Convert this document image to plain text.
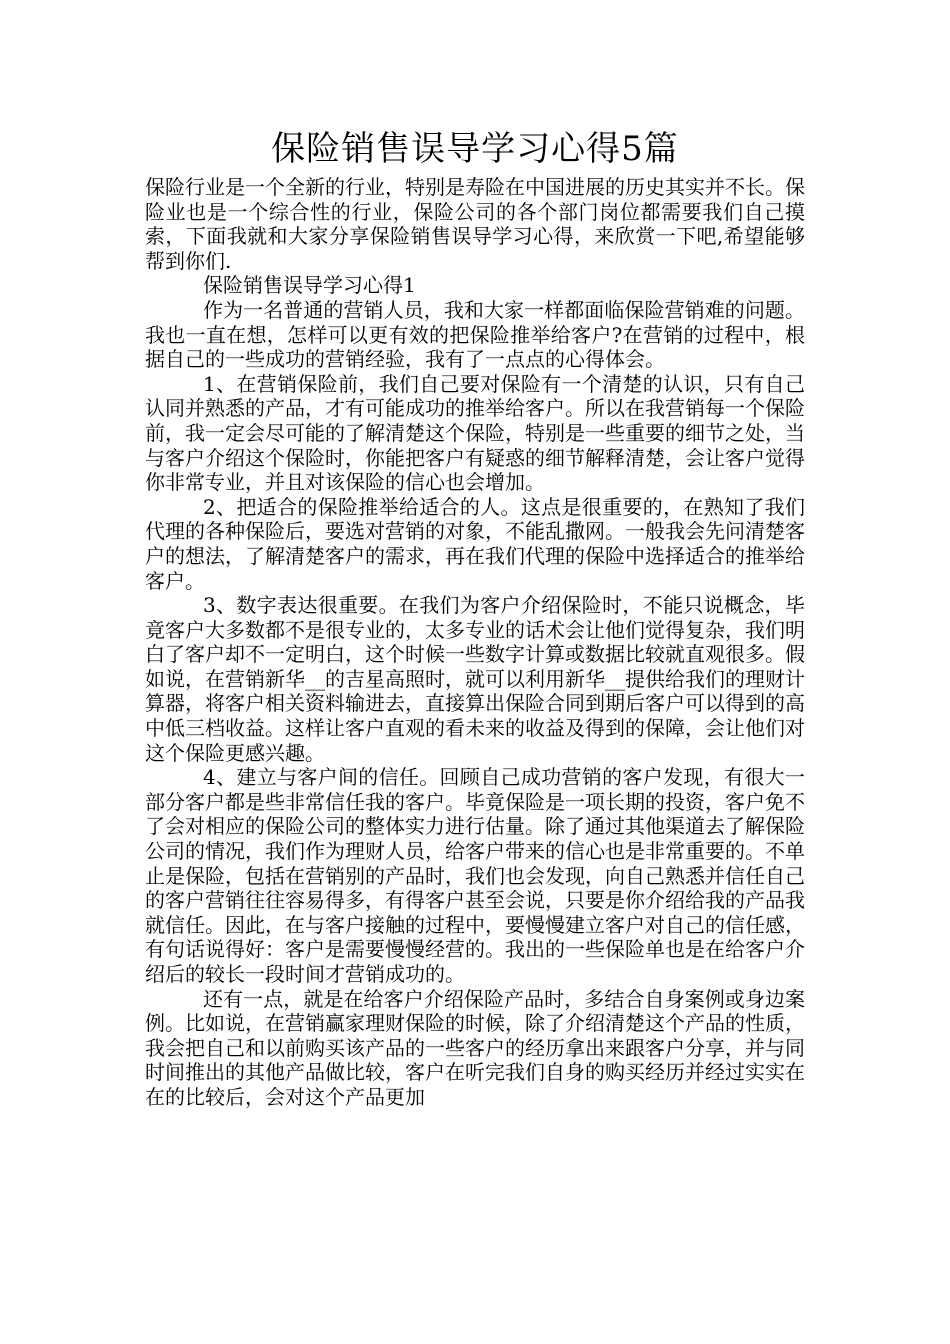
保险销售误导学习心得5篇

保险行业是一个全新的行业，特别是寿险在中国进展的历史其实并不长。保险业也是一个综合性的行业，保险公司的各个部门岗位都需要我们自己摸索，下面我就和大家分享保险销售误导学习心得，来欣赏一下吧,希望能够帮到你们.

保险销售误导学习心得1

作为一名普通的营销人员，我和大家一样都面临保险营销难的问题。我也一直在想，怎样可以更有效的把保险推举给客户?在营销的过程中，根据自己的一些成功的营销经验，我有了一点点的心得体会。

1、在营销保险前，我们自己要对保险有一个清楚的认识，只有自己认同并熟悉的产品，才有可能成功的推举给客户。所以在我营销每一个保险前，我一定会尽可能的了解清楚这个保险，特别是一些重要的细节之处，当与客户介绍这个保险时，你能把客户有疑惑的细节解释清楚，会让客户觉得你非常专业，并且对该保险的信心也会增加。

2、把适合的保险推举给适合的人。这点是很重要的，在熟知了我们代理的各种保险后，要选对营销的对象，不能乱撒网。一般我会先问清楚客户的想法，了解清楚客户的需求，再在我们代理的保险中选择适合的推举给客户。

3、数字表达很重要。在我们为客户介绍保险时，不能只说概念，毕竟客户大多数都不是很专业的，太多专业的话术会让他们觉得复杂，我们明白了客户却不一定明白，这个时候一些数字计算或数据比较就直观很多。假如说，在营销新华__的吉星高照时，就可以利用新华__提供给我们的理财计算器，将客户相关资料输进去，直接算出保险合同到期后客户可以得到的高中低三档收益。这样让客户直观的看未来的收益及得到的保障，会让他们对这个保险更感兴趣。

4、建立与客户间的信任。回顾自己成功营销的客户发现，有很大一部分客户都是些非常信任我的客户。毕竟保险是一项长期的投资，客户免不了会对相应的保险公司的整体实力进行估量。除了通过其他渠道去了解保险公司的情况，我们作为理财人员，给客户带来的信心也是非常重要的。不单止是保险，包括在营销别的产品时，我们也会发现，向自己熟悉并信任自己的客户营销往往容易得多，有得客户甚至会说，只要是你介绍给我的产品我就信任。因此，在与客户接触的过程中，要慢慢建立客户对自己的信任感，有句话说得好：客户是需要慢慢经营的。我出的一些保险单也是在给客户介绍后的较长一段时间才营销成功的。

还有一点，就是在给客户介绍保险产品时，多结合自身案例或身边案例。比如说，在营销赢家理财保险的时候，除了介绍清楚这个产品的性质，我会把自己和以前购买该产品的一些客户的经历拿出来跟客户分享，并与同时间推出的其他产品做比较，客户在听完我们自身的购买经历并经过实实在在的比较后，会对这个产品更加
